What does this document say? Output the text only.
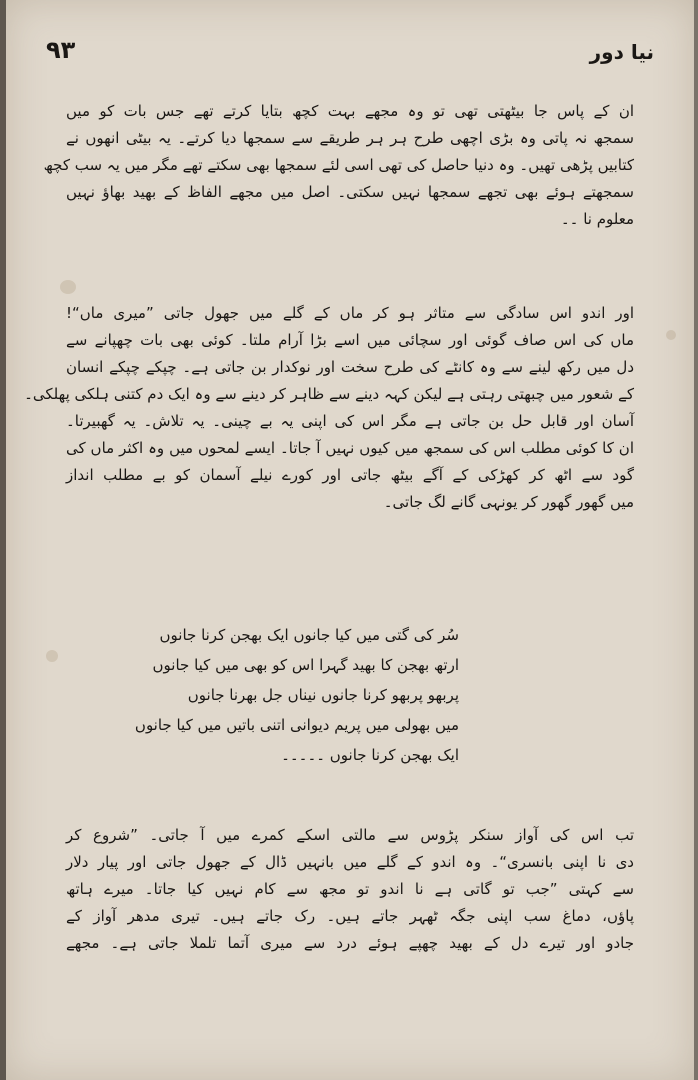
۹۳	نیا دور
ان کے پاس جا بیٹھتی تھی تو وہ مجھے بہت کچھ بتایا کرتے تھے جس بات کو میں
سمجھ نہ پاتی وہ بڑی اچھی طرح ہر ہر طریقے سے سمجھا دیا کرتے۔ یہ بیٹی انھوں نے
کتابیں پڑھی تھیں۔ وہ دنیا حاصل کی تھی اسی لئے سمجھا بھی سکتے تھے مگر میں یہ سب کچھ
سمجھتے ہوئے بھی تجھے سمجھا نہیں سکتی۔ اصل میں مجھے الفاظ کے بھید بھاؤ نہیں
معلوم نا ۔۔
اور اندو اس سادگی سے متاثر ہو کر ماں کے گلے میں جھول جاتی ”میری ماں“!
ماں کی اس صاف گوئی اور سچائی میں اسے بڑا آرام ملتا۔ کوئی بھی بات چھپانے سے
دل میں رکھ لینے سے وہ کانٹے کی طرح سخت اور نوکدار بن جاتی ہے۔ چپکے چپکے انسان
کے شعور میں چبھتی رہتی ہے لیکن کہہ دینے سے ظاہر کر دینے سے وہ ایک دم کتنی ہلکی پھلکی۔
آسان اور قابل حل بن جاتی ہے مگر اس کی اپنی یہ بے چینی۔ یہ تلاش۔ یہ گھبیرتا۔
ان کا کوئی مطلب اس کی سمجھ میں کیوں نہیں آ جاتا۔ ایسے لمحوں میں وہ اکثر ماں کی
گود سے اٹھ کر کھڑکی کے آگے بیٹھ جاتی اور کورے نیلے آسمان کو بے مطلب انداز
میں گھور گھور کر یونہی گانے لگ جاتی۔
سُر کی گتی میں کیا جانوں ایک بھجن کرنا جانوں
ارتھ بھجن کا بھید گہرا اس کو بھی میں کیا جانوں
پربھو پربھو کرنا جانوں نیناں جل بھرنا جانوں
میں بھولی میں پریم دیوانی اتنی باتیں میں کیا جانوں
ایک بھجن کرنا جانوں ۔۔۔۔۔
تب اس کی آواز سنکر پڑوس سے مالتی اسکے کمرے میں آ جاتی۔ ”شروع کر
دی نا اپنی بانسری“۔ وہ اندو کے گلے میں بانہیں ڈال کے جھول جاتی اور پیار دلار
سے کہتی ”جب تو گاتی ہے نا اندو تو مجھ سے کام نہیں کیا جاتا۔ میرے ہاتھ
پاؤں، دماغ سب اپنی جگہ ٹھہر جاتے ہیں۔ رک جاتے ہیں۔ تیری مدھر آواز کے
جادو اور تیرے دل کے بھید چھپے ہوئے درد سے میری آتما تلملا جاتی ہے۔ مجھے
